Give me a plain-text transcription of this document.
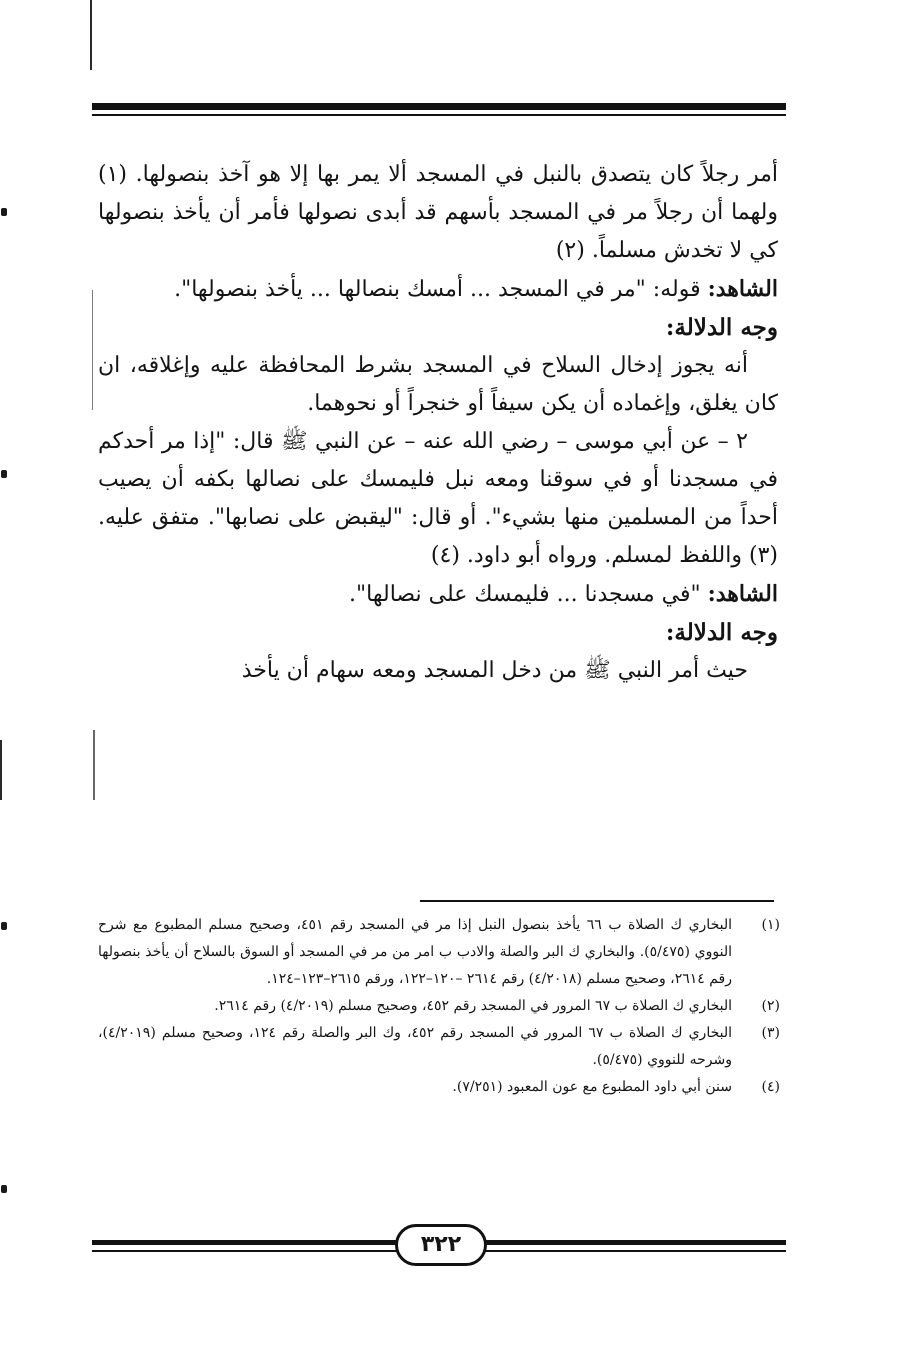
أمر رجلاً كان يتصدق بالنبل في المسجد ألا يمر بها إلا هو آخذ بنصولها. (١) ولهما أن رجلاً مر في المسجد بأسهم قد أبدى نصولها فأمر أن يأخذ بنصولها كي لا تخدش مسلماً. (٢)

الشاهد: قوله: "مر في المسجد ... أمسك بنصالها ... يأخذ بنصولها".

وجه الدلالة:

أنه يجوز إدخال السلاح في المسجد بشرط المحافظة عليه وإغلاقه، ان كان يغلق، وإغماده أن يكن سيفاً أو خنجراً أو نحوهما.

٢ – عن أبي موسى – رضي الله عنه – عن النبي ﷺ قال: "إذا مر أحدكم في مسجدنا أو في سوقنا ومعه نبل فليمسك على نصالها بكفه أن يصيب أحداً من المسلمين منها بشيء". أو قال: "ليقبض على نصابها". متفق عليه. (٣) واللفظ لمسلم. ورواه أبو داود. (٤)

الشاهد: "في مسجدنا ... فليمسك على نصالها".

وجه الدلالة:

حيث أمر النبي ﷺ من دخل المسجد ومعه سهام أن يأخذ

(١)
البخاري ك الصلاة ب ٦٦ يأخذ بنصول النبل إذا مر في المسجد رقم ٤٥١، وصحيح مسلم المطبوع مع شرح النووي (٥/٤٧٥). والبخاري ك البر والصلة والادب ب امر من مر في المسجد أو السوق بالسلاح أن يأخذ بنصولها رقم ٢٦١٤، وصحيح مسلم (٤/٢٠١٨) رقم ٢٦١٤ –١٢٠–١٢٢، ورقم ٢٦١٥–١٢٣–١٢٤.
(٢)
البخاري ك الصلاة ب ٦٧ المرور في المسجد رقم ٤٥٢، وصحيح مسلم (٤/٢٠١٩) رقم ٢٦١٤.
(٣)
البخاري ك الصلاة ب ٦٧ المرور في المسجد رقم ٤٥٢، وك البر والصلة رقم ١٢٤، وصحيح مسلم (٤/٢٠١٩)، وشرحه للنووي (٥/٤٧٥).
(٤)
سنن أبي داود المطبوع مع عون المعبود (٧/٢٥١).
٣٢٢
